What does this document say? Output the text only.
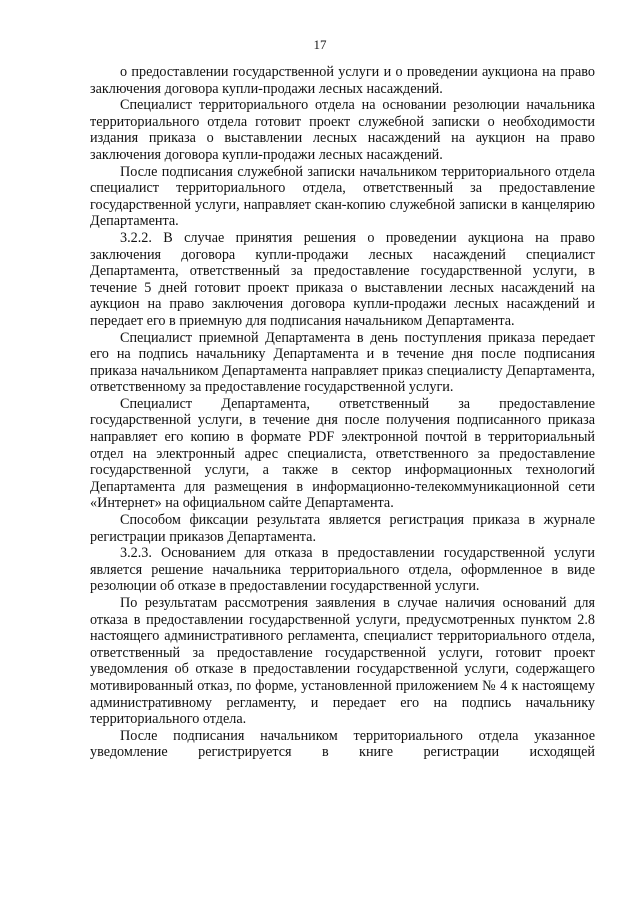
17

о предоставлении государственной услуги и о проведении аукциона на право заключения договора купли-продажи лесных насаждений.

Специалист территориального отдела на основании резолюции начальника территориального отдела готовит проект служебной записки о необходимости издания приказа о выставлении лесных насаждений на аукцион на право заключения договора купли-продажи лесных насаждений.

После подписания служебной записки начальником территориального отдела специалист территориального отдела, ответственный за предоставление государственной услуги, направляет скан-копию служебной записки в канцелярию Департамента.

3.2.2. В случае принятия решения о проведении аукциона на право заключения договора купли-продажи лесных насаждений специалист Департамента, ответственный за предоставление государственной услуги, в течение 5 дней готовит проект приказа о выставлении лесных насаждений на аукцион на право заключения договора купли-продажи лесных насаждений и передает его в приемную для подписания начальником Департамента.

Специалист приемной Департамента в день поступления приказа передает его на подпись начальнику Департамента и в течение дня после подписания приказа начальником Департамента направляет приказ специалисту Департамента, ответственному за предоставление государственной услуги.

Специалист Департамента, ответственный за предоставление государственной услуги, в течение дня после получения подписанного приказа направляет его копию в формате PDF электронной почтой в территориальный отдел на электронный адрес специалиста, ответственного за предоставление государственной услуги, а также в сектор информационных технологий Департамента для размещения в информационно-телекоммуникационной сети «Интернет» на официальном сайте Департамента.

Способом фиксации результата является регистрация приказа в журнале регистрации приказов Департамента.

3.2.3. Основанием для отказа в предоставлении государственной услуги является решение начальника территориального отдела, оформленное в виде резолюции об отказе в предоставлении государственной услуги.

По результатам рассмотрения заявления в случае наличия оснований для отказа в предоставлении государственной услуги, предусмотренных пунктом 2.8 настоящего административного регламента, специалист территориального отдела, ответственный за предоставление государственной услуги, готовит проект уведомления об отказе в предоставлении государственной услуги, содержащего мотивированный отказ, по форме, установленной приложением № 4 к настоящему административному регламенту, и передает его на подпись начальнику территориального отдела.

После подписания начальником территориального отдела указанное уведомление регистрируется в книге регистрации исходящей
